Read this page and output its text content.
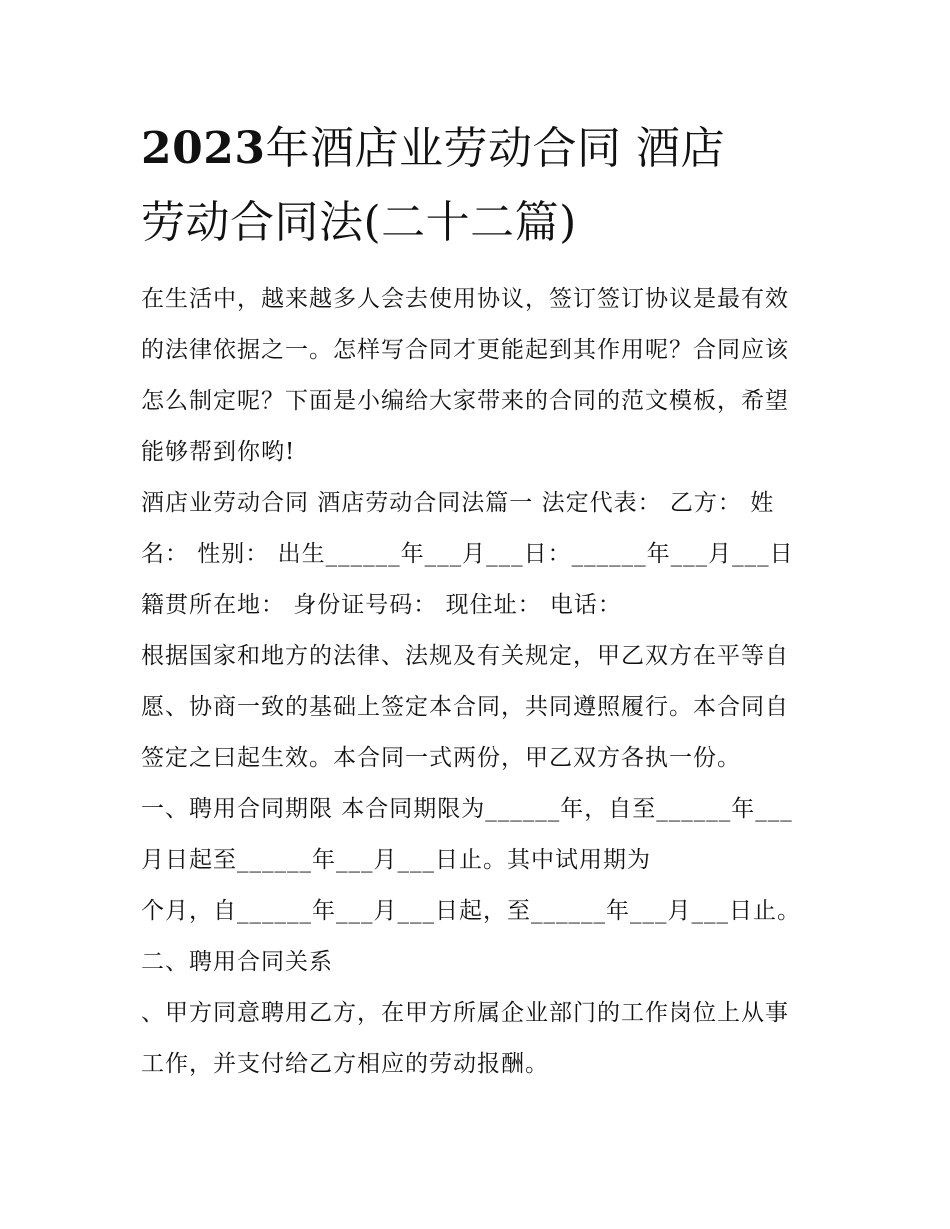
2023年酒店业劳动合同 酒店
劳动合同法(二十二篇)

在生活中，越来越多人会去使用协议，签订签订协议是最有效
的法律依据之一。怎样写合同才更能起到其作用呢？合同应该
怎么制定呢？下面是小编给大家带来的合同的范文模板，希望
能够帮到你哟!

酒店业劳动合同 酒店劳动合同法篇一 法定代表： 乙方： 姓
名： 性别： 出生______年___月___日：______年___月___日
籍贯所在地： 身份证号码： 现住址： 电话：

根据国家和地方的法律、法规及有关规定，甲乙双方在平等自
愿、协商一致的基础上签定本合同，共同遵照履行。本合同自
签定之曰起生效。本合同一式两份，甲乙双方各执一份。

一、聘用合同期限 本合同期限为______年，自至______年___
月日起至______年___月___日止。其中试用期为
个月，自______年___月___日起，至______年___月___日止。

二、聘用合同关系

、甲方同意聘用乙方，在甲方所属企业部门的工作岗位上从事
工作，并支付给乙方相应的劳动报酬。
